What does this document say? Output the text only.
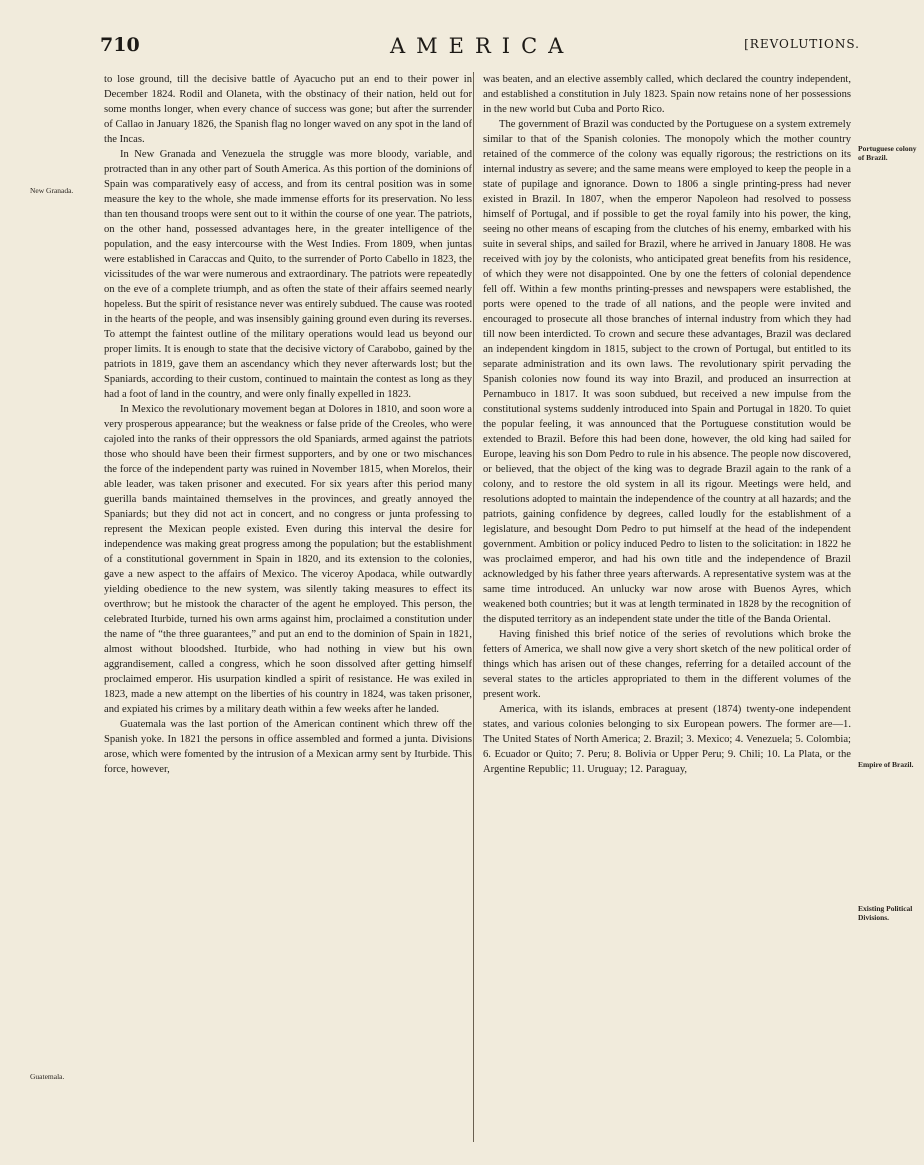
710	AMERICA	[REVOLUTIONS.

to lose ground, till the decisive battle of Ayacucho put an end to their power in December 1824. Rodil and Olaneta, with the obstinacy of their nation, held out for some months longer, when every chance of success was gone; but after the surrender of Callao in January 1826, the Spanish flag no longer waved on any spot in the land of the Incas.

In New Granada and Venezuela the struggle was more bloody, variable, and protracted than in any other part of South America. As this portion of the dominions of Spain was comparatively easy of access, and from its central position was in some measure the key to the whole, she made immense efforts for its preservation. No less than ten thousand troops were sent out to it within the course of one year. The patriots, on the other hand, possessed advantages here, in the greater intelligence of the population, and the easy intercourse with the West Indies. From 1809, when juntas were established in Caraccas and Quito, to the surrender of Porto Cabello in 1823, the vicissitudes of the war were numerous and extraordinary. The patriots were repeatedly on the eve of a complete triumph, and as often the state of their affairs seemed nearly hopeless. But the spirit of resistance never was entirely subdued. The cause was rooted in the hearts of the people, and was insensibly gaining ground even during its reverses. To attempt the faintest outline of the military operations would lead us beyond our proper limits. It is enough to state that the decisive victory of Carabobo, gained by the patriots in 1819, gave them an ascendancy which they never afterwards lost; but the Spaniards, according to their custom, continued to maintain the contest as long as they had a foot of land in the country, and were only finally expelled in 1823.

In Mexico the revolutionary movement began at Dolores in 1810, and soon wore a very prosperous appearance; but the weakness or false pride of the Creoles, who were cajoled into the ranks of their oppressors the old Spaniards, armed against the patriots those who should have been their firmest supporters, and by one or two mischances the force of the independent party was ruined in November 1815, when Morelos, their able leader, was taken prisoner and executed. For six years after this period many guerilla bands maintained themselves in the provinces, and greatly annoyed the Spaniards; but they did not act in concert, and no congress or junta professing to represent the Mexican people existed. Even during this interval the desire for independence was making great progress among the population; but the establishment of a constitutional government in Spain in 1820, and its extension to the colonies, gave a new aspect to the affairs of Mexico. The viceroy Apodaca, while outwardly yielding obedience to the new system, was silently taking measures to effect its overthrow; but he mistook the character of the agent he employed. This person, the celebrated Iturbide, turned his own arms against him, proclaimed a constitution under the name of “the three guarantees,” and put an end to the dominion of Spain in 1821, almost without bloodshed. Iturbide, who had nothing in view but his own aggrandisement, called a congress, which he soon dissolved after getting himself proclaimed emperor. His usurpation kindled a spirit of resistance. He was exiled in 1823, made a new attempt on the liberties of his country in 1824, was taken prisoner, and expiated his crimes by a military death within a few weeks after he landed.

Guatemala was the last portion of the American continent which threw off the Spanish yoke. In 1821 the persons in office assembled and formed a junta. Divisions arose, which were fomented by the intrusion of a Mexican army sent by Iturbide. This force, however,

was beaten, and an elective assembly called, which declared the country independent, and established a constitution in July 1823. Spain now retains none of her possessions in the new world but Cuba and Porto Rico.

The government of Brazil was conducted by the Portuguese on a system extremely similar to that of the Spanish colonies. The monopoly which the mother country retained of the commerce of the colony was equally rigorous; the restrictions on its internal industry as severe; and the same means were employed to keep the people in a state of pupilage and ignorance. Down to 1806 a single printing-press had never existed in Brazil. In 1807, when the emperor Napoleon had resolved to possess himself of Portugal, and if possible to get the royal family into his power, the king, seeing no other means of escaping from the clutches of his enemy, embarked with his suite in several ships, and sailed for Brazil, where he arrived in January 1808. He was received with joy by the colonists, who anticipated great benefits from his residence, of which they were not disappointed. One by one the fetters of colonial dependence fell off. Within a few months printing-presses and newspapers were established, the ports were opened to the trade of all nations, and the people were invited and encouraged to prosecute all those branches of internal industry from which they had till now been interdicted. To crown and secure these advantages, Brazil was declared an independent kingdom in 1815, subject to the crown of Portugal, but entitled to its separate administration and its own laws. The revolutionary spirit pervading the Spanish colonies now found its way into Brazil, and produced an insurrection at Pernambuco in 1817. It was soon subdued, but received a new impulse from the constitutional systems suddenly introduced into Spain and Portugal in 1820. To quiet the popular feeling, it was announced that the Portuguese constitution would be extended to Brazil. Before this had been done, however, the old king had sailed for Europe, leaving his son Dom Pedro to rule in his absence. The people now discovered, or believed, that the object of the king was to degrade Brazil again to the rank of a colony, and to restore the old system in all its rigour. Meetings were held, and resolutions adopted to maintain the independence of the country at all hazards; and the patriots, gaining confidence by degrees, called loudly for the establishment of a legislature, and besought Dom Pedro to put himself at the head of the independent government. Ambition or policy induced Pedro to listen to the solicitation: in 1822 he was proclaimed emperor, and had his own title and the independence of Brazil acknowledged by his father three years afterwards. A representative system was at the same time introduced. An unlucky war now arose with Buenos Ayres, which weakened both countries; but it was at length terminated in 1828 by the recognition of the disputed territory as an independent state under the title of the Banda Oriental.

Having finished this brief notice of the series of revolutions which broke the fetters of America, we shall now give a very short sketch of the new political order of things which has arisen out of these changes, referring for a detailed account of the several states to the articles appropriated to them in the different volumes of the present work.

America, with its islands, embraces at present (1874) twenty-one independent states, and various colonies belonging to six European powers. The former are—1. The United States of North America; 2. Brazil; 3. Mexico; 4. Venezuela; 5. Colombia; 6. Ecuador or Quito; 7. Peru; 8. Bolivia or Upper Peru; 9. Chili; 10. La Plata, or the Argentine Republic; 11. Uruguay; 12. Paraguay,

New Granada.
Guatemala.
Portuguese colony of Brazil.
Empire of Brazil.
Existing Political Divisions.
